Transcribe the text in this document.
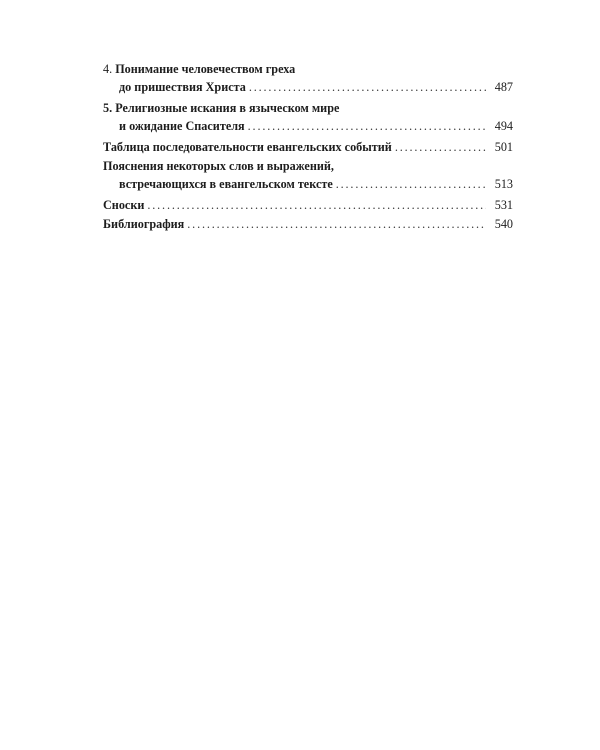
4. Понимание человечеством греха
до пришествия Христа . . .	487
5. Религиозные искания в языческом мире
и ожидание Спасителя . . .	494
Таблица последовательности евангельских событий . . .	501
Пояснения некоторых слов и выражений,
встречающихся в евангельском тексте . . .	513
Сноски . . .	531
Библиография . . .	540
